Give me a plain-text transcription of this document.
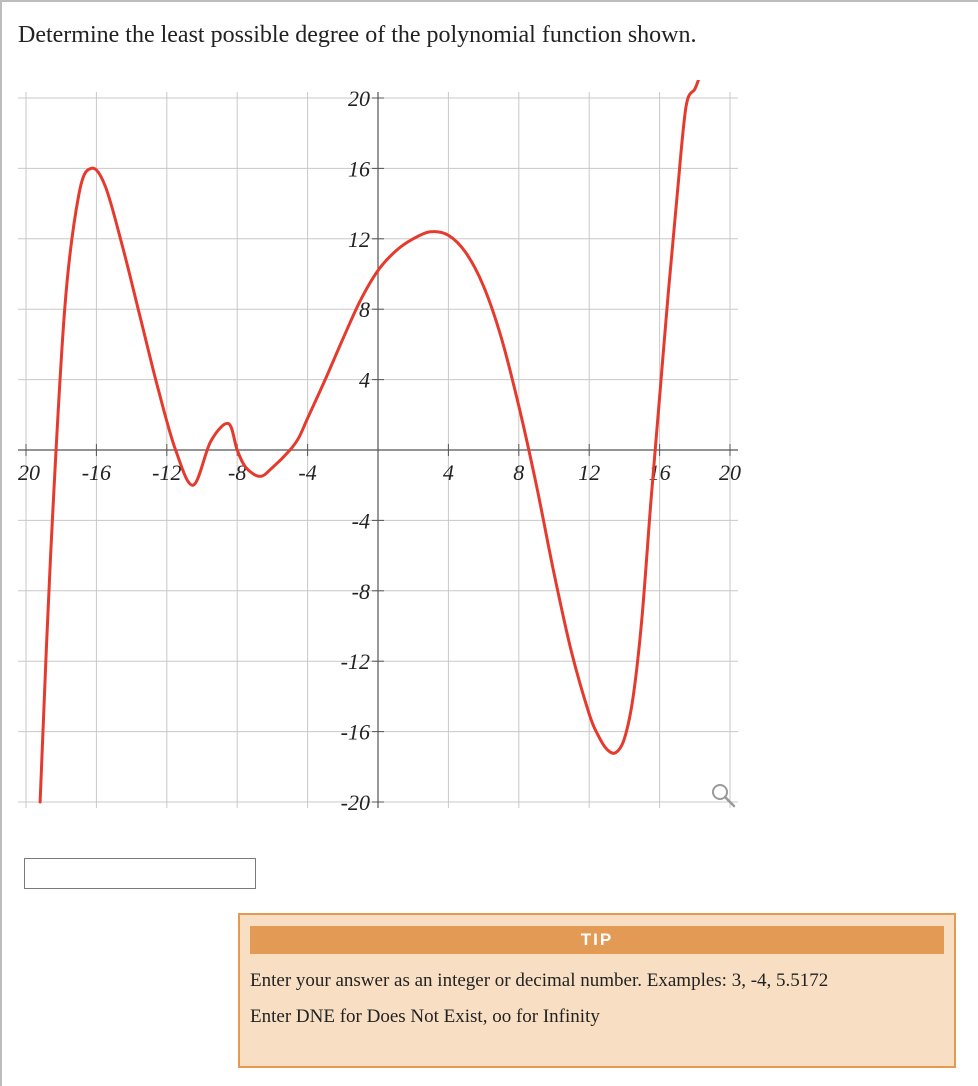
Determine the least possible degree of the polynomial function shown.
20 -16 -12 -8 -4	4	8 12 16 20
20
16
12
8
4
-4
-8
-12
-16
-20
TIP
Enter your answer as an integer or decimal number. Examples: 3, -4, 5.5172
Enter DNE for Does Not Exist, oo for Infinity
